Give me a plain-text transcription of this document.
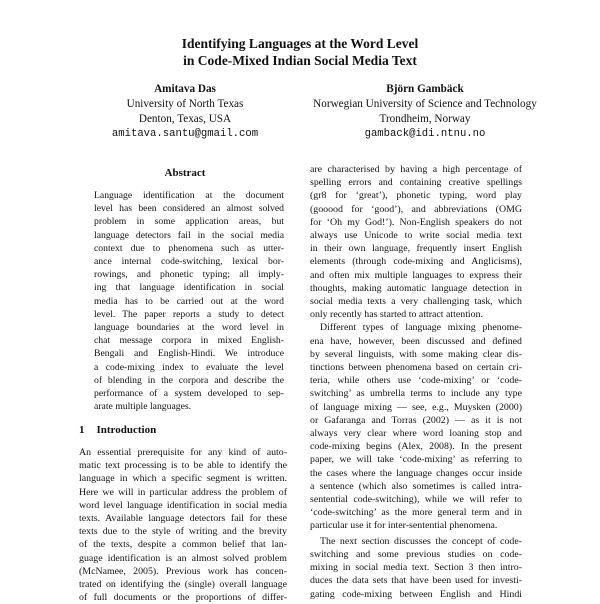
Identifying Languages at the Word Level
in Code-Mixed Indian Social Media Text
Amitava Das
University of North Texas
Denton, Texas, USA
amitava.santu@gmail.com
Björn Gambäck
Norwegian University of Science and Technology
Trondheim, Norway
gamback@idi.ntnu.no
Abstract
Language identification at the document
level has been considered an almost solved
problem in some application areas, but
language detectors fail in the social media
context due to phenomena such as utter-
ance internal code-switching, lexical bor-
rowings, and phonetic typing; all imply-
ing that language identification in social
media has to be carried out at the word
level. The paper reports a study to detect
language boundaries at the word level in
chat message corpora in mixed English-
Bengali and English-Hindi. We introduce
a code-mixing index to evaluate the level
of blending in the corpora and describe the
performance of a system developed to sep-
arate multiple languages.
1 Introduction
An essential prerequisite for any kind of auto-
matic text processing is to be able to identify the
language in which a specific segment is written.
Here we will in particular address the problem of
word level language identification in social media
texts. Available language detectors fail for these
texts due to the style of writing and the brevity
of the texts, despite a common belief that lan-
guage identification is an almost solved problem
(McNamee, 2005). Previous work has concen-
trated on identifying the (single) overall language
of full documents or the proportions of differ-
are characterised by having a high percentage of
spelling errors and containing creative spellings
(gr8 for ‘great’), phonetic typing, word play
(gooood for ‘good’), and abbreviations (OMG
for ‘Oh my God!’). Non-English speakers do not
always use Unicode to write social media text
in their own language, frequently insert English
elements (through code-mixing and Anglicisms),
and often mix multiple languages to express their
thoughts, making automatic language detection in
social media texts a very challenging task, which
only recently has started to attract attention.
Different types of language mixing phenome-
ena have, however, been discussed and defined
by several linguists, with some making clear dis-
tinctions between phenomena based on certain cri-
teria, while others use ‘code-mixing’ or ‘code-
switching’ as umbrella terms to include any type
of language mixing — see, e.g., Muysken (2000)
or Gafaranga and Torras (2002) — as it is not
always very clear where word loaning stop and
code-mixing begins (Alex, 2008). In the present
paper, we will take ‘code-mixing’ as referring to
the cases where the language changes occur inside
a sentence (which also sometimes is called intra-
sentential code-switching), while we will refer to
‘code-switching’ as the more general term and in
particular use it for inter-sentential phenomena.
The next section discusses the concept of code-
switching and some previous studies on code-
mixing in social media text. Section 3 then intro-
duces the data sets that have been used for investi-
gating code-mixing between English and Hindi
